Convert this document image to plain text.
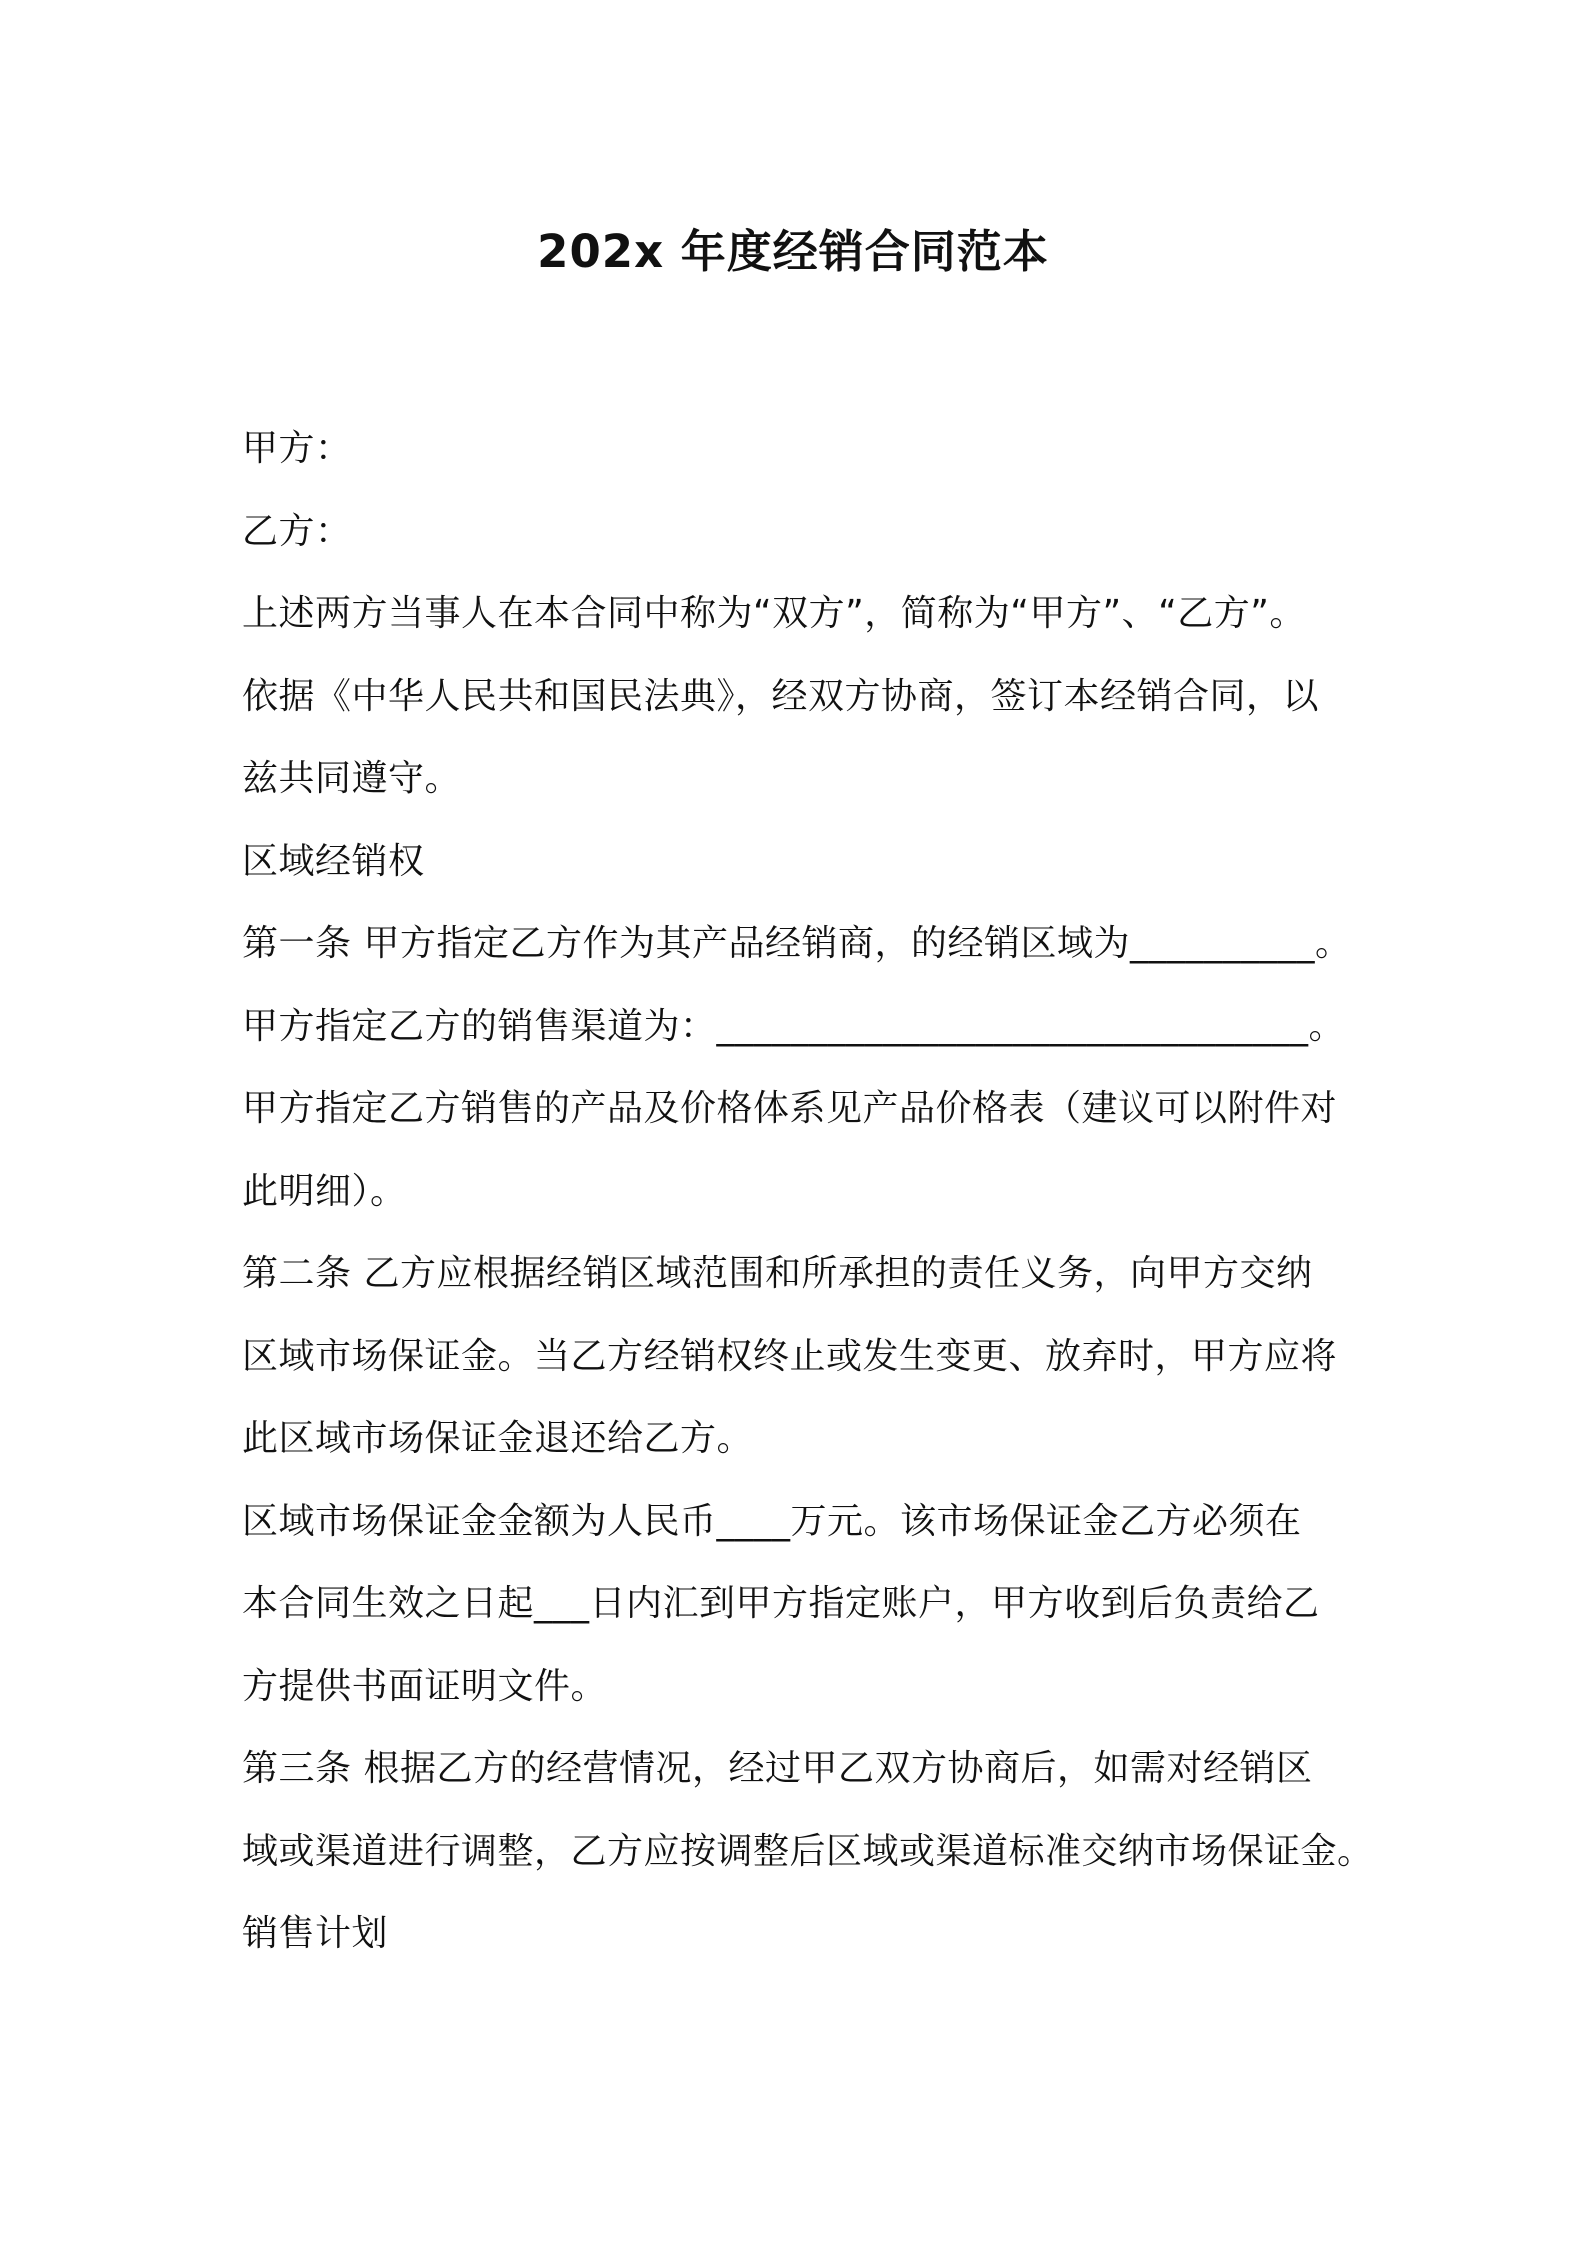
202x 年度经销合同范本
甲方：
乙方：
上述两方当事人在本合同中称为“双方”，简称为“甲方”、“乙方”。
依据《中华人民共和国民法典》，经双方协商，签订本经销合同，以
兹共同遵守。
区域经销权
第一条 甲方指定乙方作为其产品经销商，的经销区域为__________。
甲方指定乙方的销售渠道为：________________________________。
甲方指定乙方销售的产品及价格体系见产品价格表（建议可以附件对
此明细）。
第二条 乙方应根据经销区域范围和所承担的责任义务，向甲方交纳
区域市场保证金。当乙方经销权终止或发生变更、放弃时，甲方应将
此区域市场保证金退还给乙方。
区域市场保证金金额为人民币____万元。该市场保证金乙方必须在
本合同生效之日起___日内汇到甲方指定账户，甲方收到后负责给乙
方提供书面证明文件。
第三条 根据乙方的经营情况，经过甲乙双方协商后，如需对经销区
域或渠道进行调整，乙方应按调整后区域或渠道标准交纳市场保证金。
销售计划
